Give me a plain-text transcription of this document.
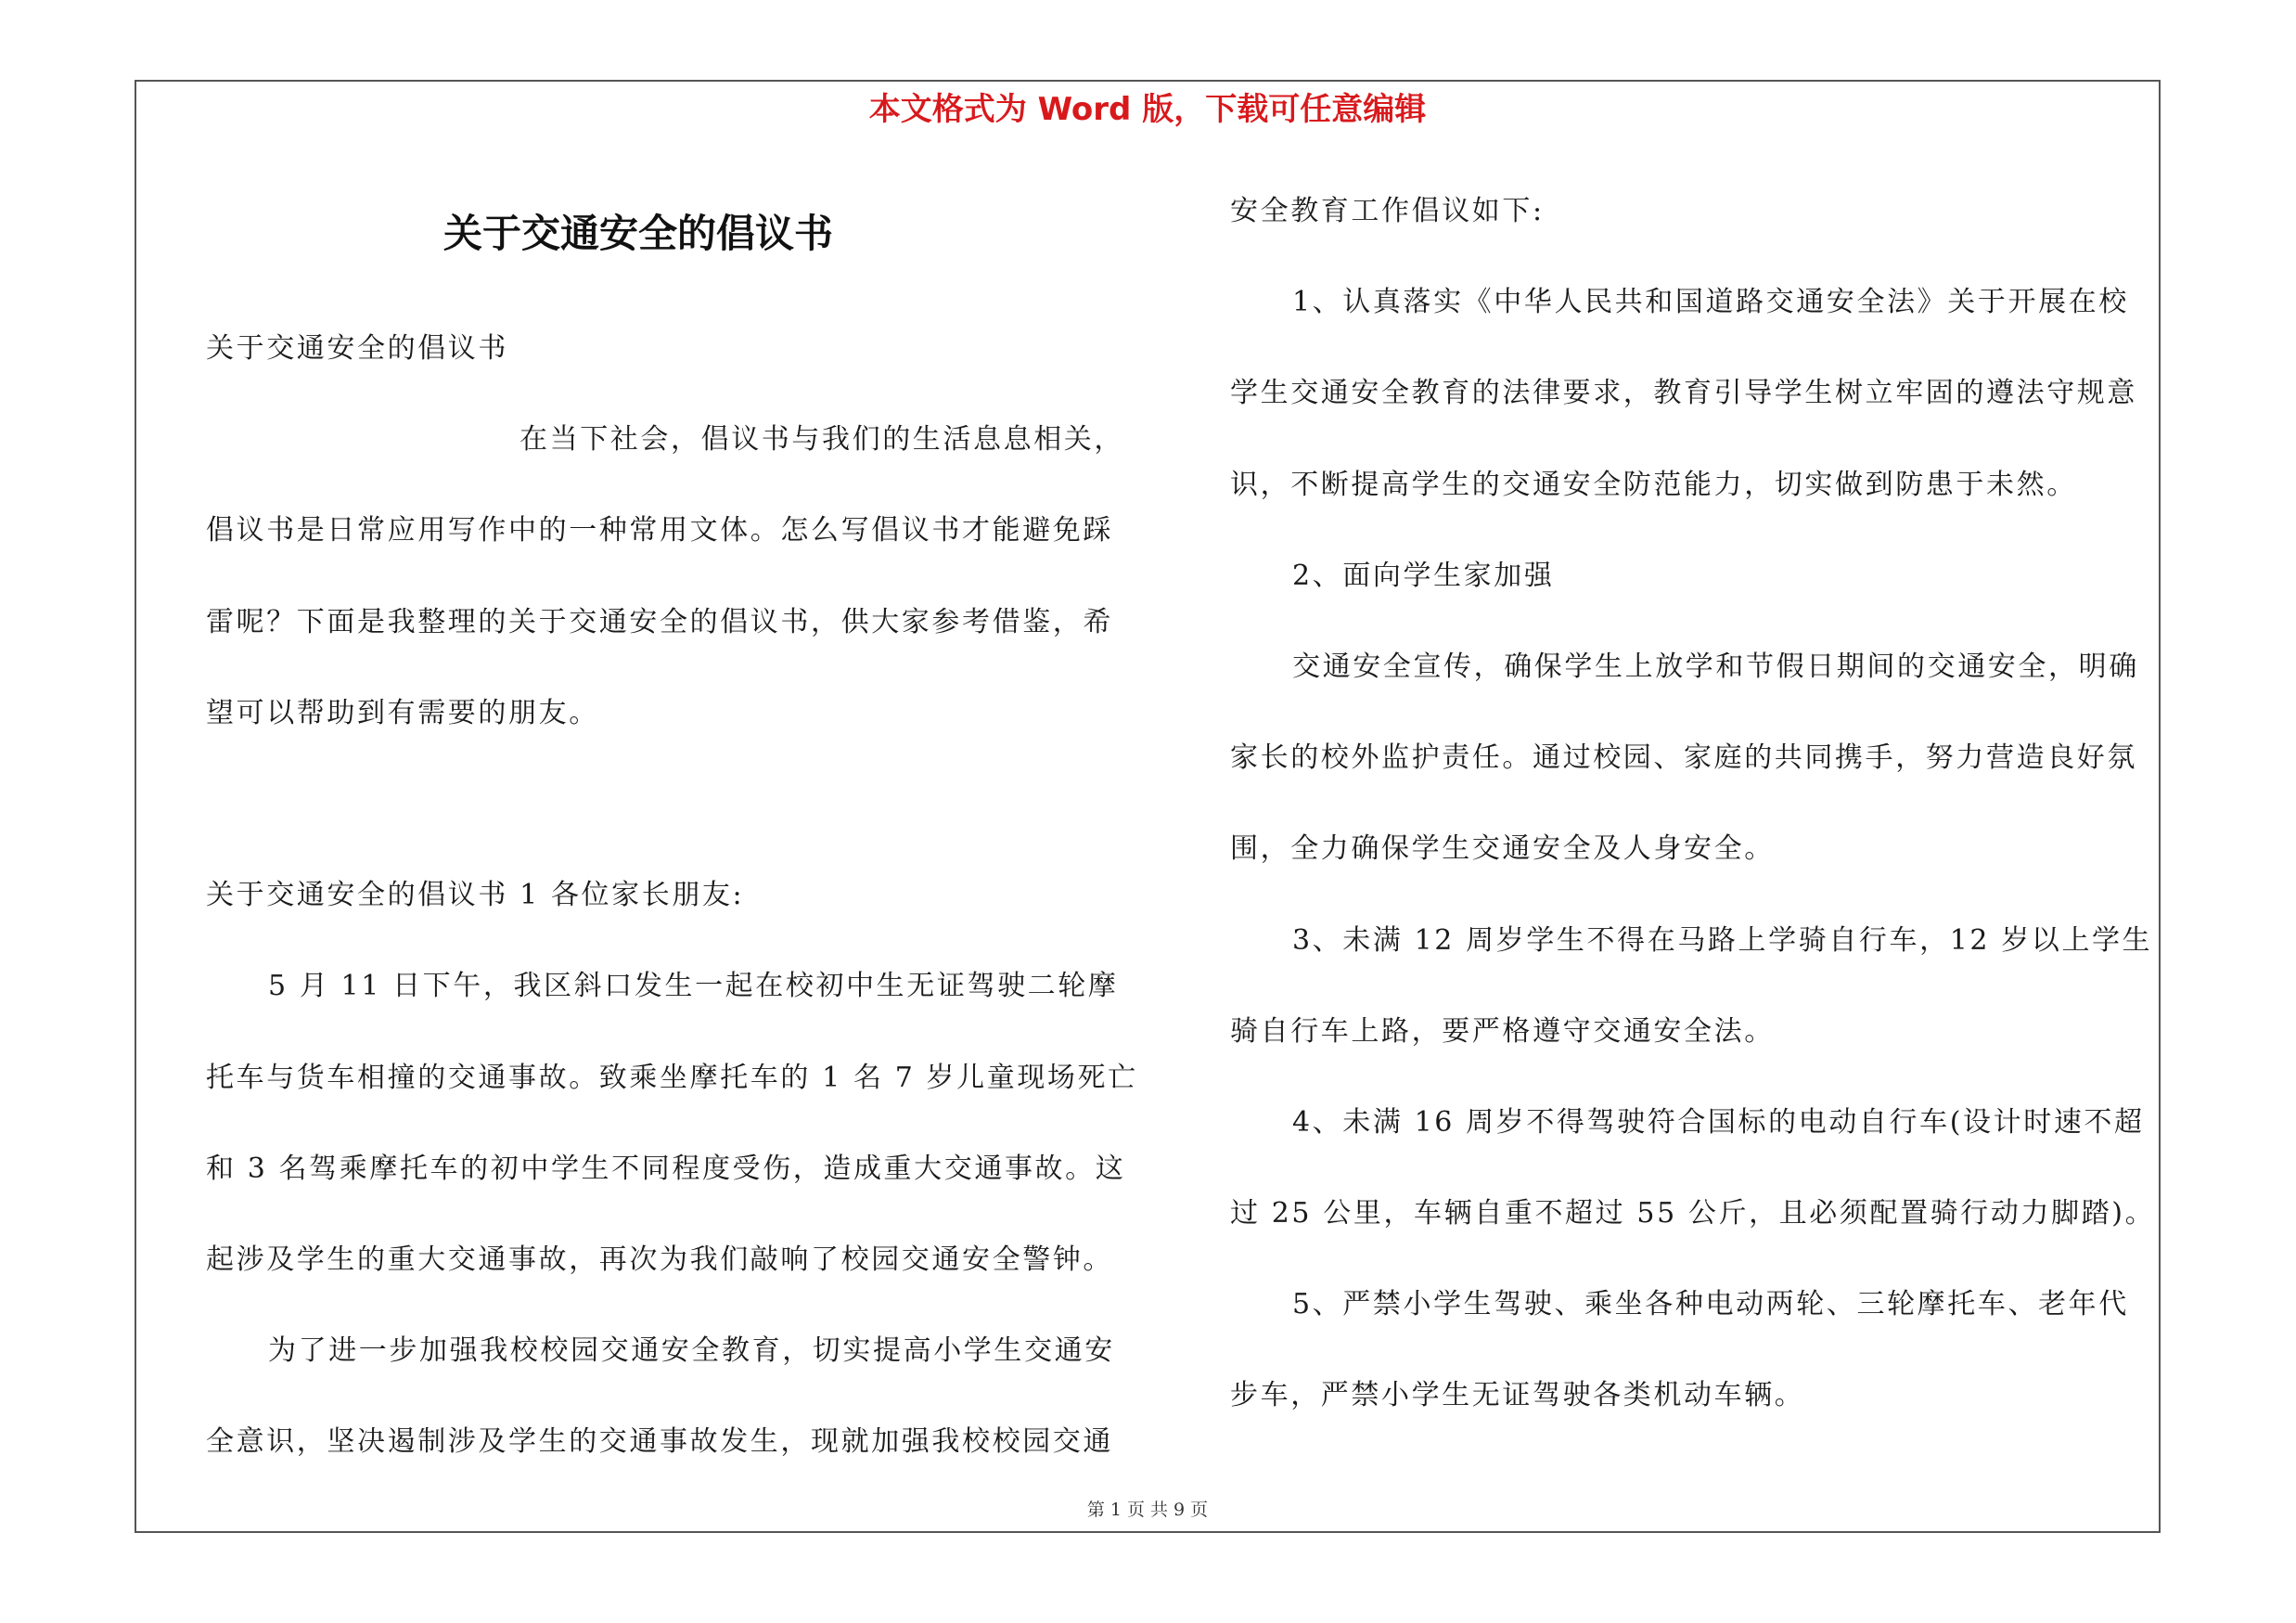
本文格式为 Word 版，下载可任意编辑
关于交通安全的倡议书
关于交通安全的倡议书
在当下社会，倡议书与我们的生活息息相关，
倡议书是日常应用写作中的一种常用文体。怎么写倡议书才能避免踩
雷呢？下面是我整理的关于交通安全的倡议书，供大家参考借鉴，希
望可以帮助到有需要的朋友。
关于交通安全的倡议书 1 各位家长朋友:
5 月 11 日下午，我区斜口发生一起在校初中生无证驾驶二轮摩
托车与货车相撞的交通事故。致乘坐摩托车的 1 名 7 岁儿童现场死亡
和 3 名驾乘摩托车的初中学生不同程度受伤，造成重大交通事故。这
起涉及学生的重大交通事故，再次为我们敲响了校园交通安全警钟。
为了进一步加强我校校园交通安全教育，切实提高小学生交通安
全意识，坚决遏制涉及学生的交通事故发生，现就加强我校校园交通
安全教育工作倡议如下:
1、认真落实《中华人民共和国道路交通安全法》关于开展在校
学生交通安全教育的法律要求，教育引导学生树立牢固的遵法守规意
识，不断提高学生的交通安全防范能力，切实做到防患于未然。
2、面向学生家加强
交通安全宣传，确保学生上放学和节假日期间的交通安全，明确
家长的校外监护责任。通过校园、家庭的共同携手，努力营造良好氛
围，全力确保学生交通安全及人身安全。
3、未满 12 周岁学生不得在马路上学骑自行车，12 岁以上学生
骑自行车上路，要严格遵守交通安全法。
4、未满 16 周岁不得驾驶符合国标的电动自行车(设计时速不超
过 25 公里，车辆自重不超过 55 公斤，且必须配置骑行动力脚踏)。
5、严禁小学生驾驶、乘坐各种电动两轮、三轮摩托车、老年代
步车，严禁小学生无证驾驶各类机动车辆。
第 1 页 共 9 页
